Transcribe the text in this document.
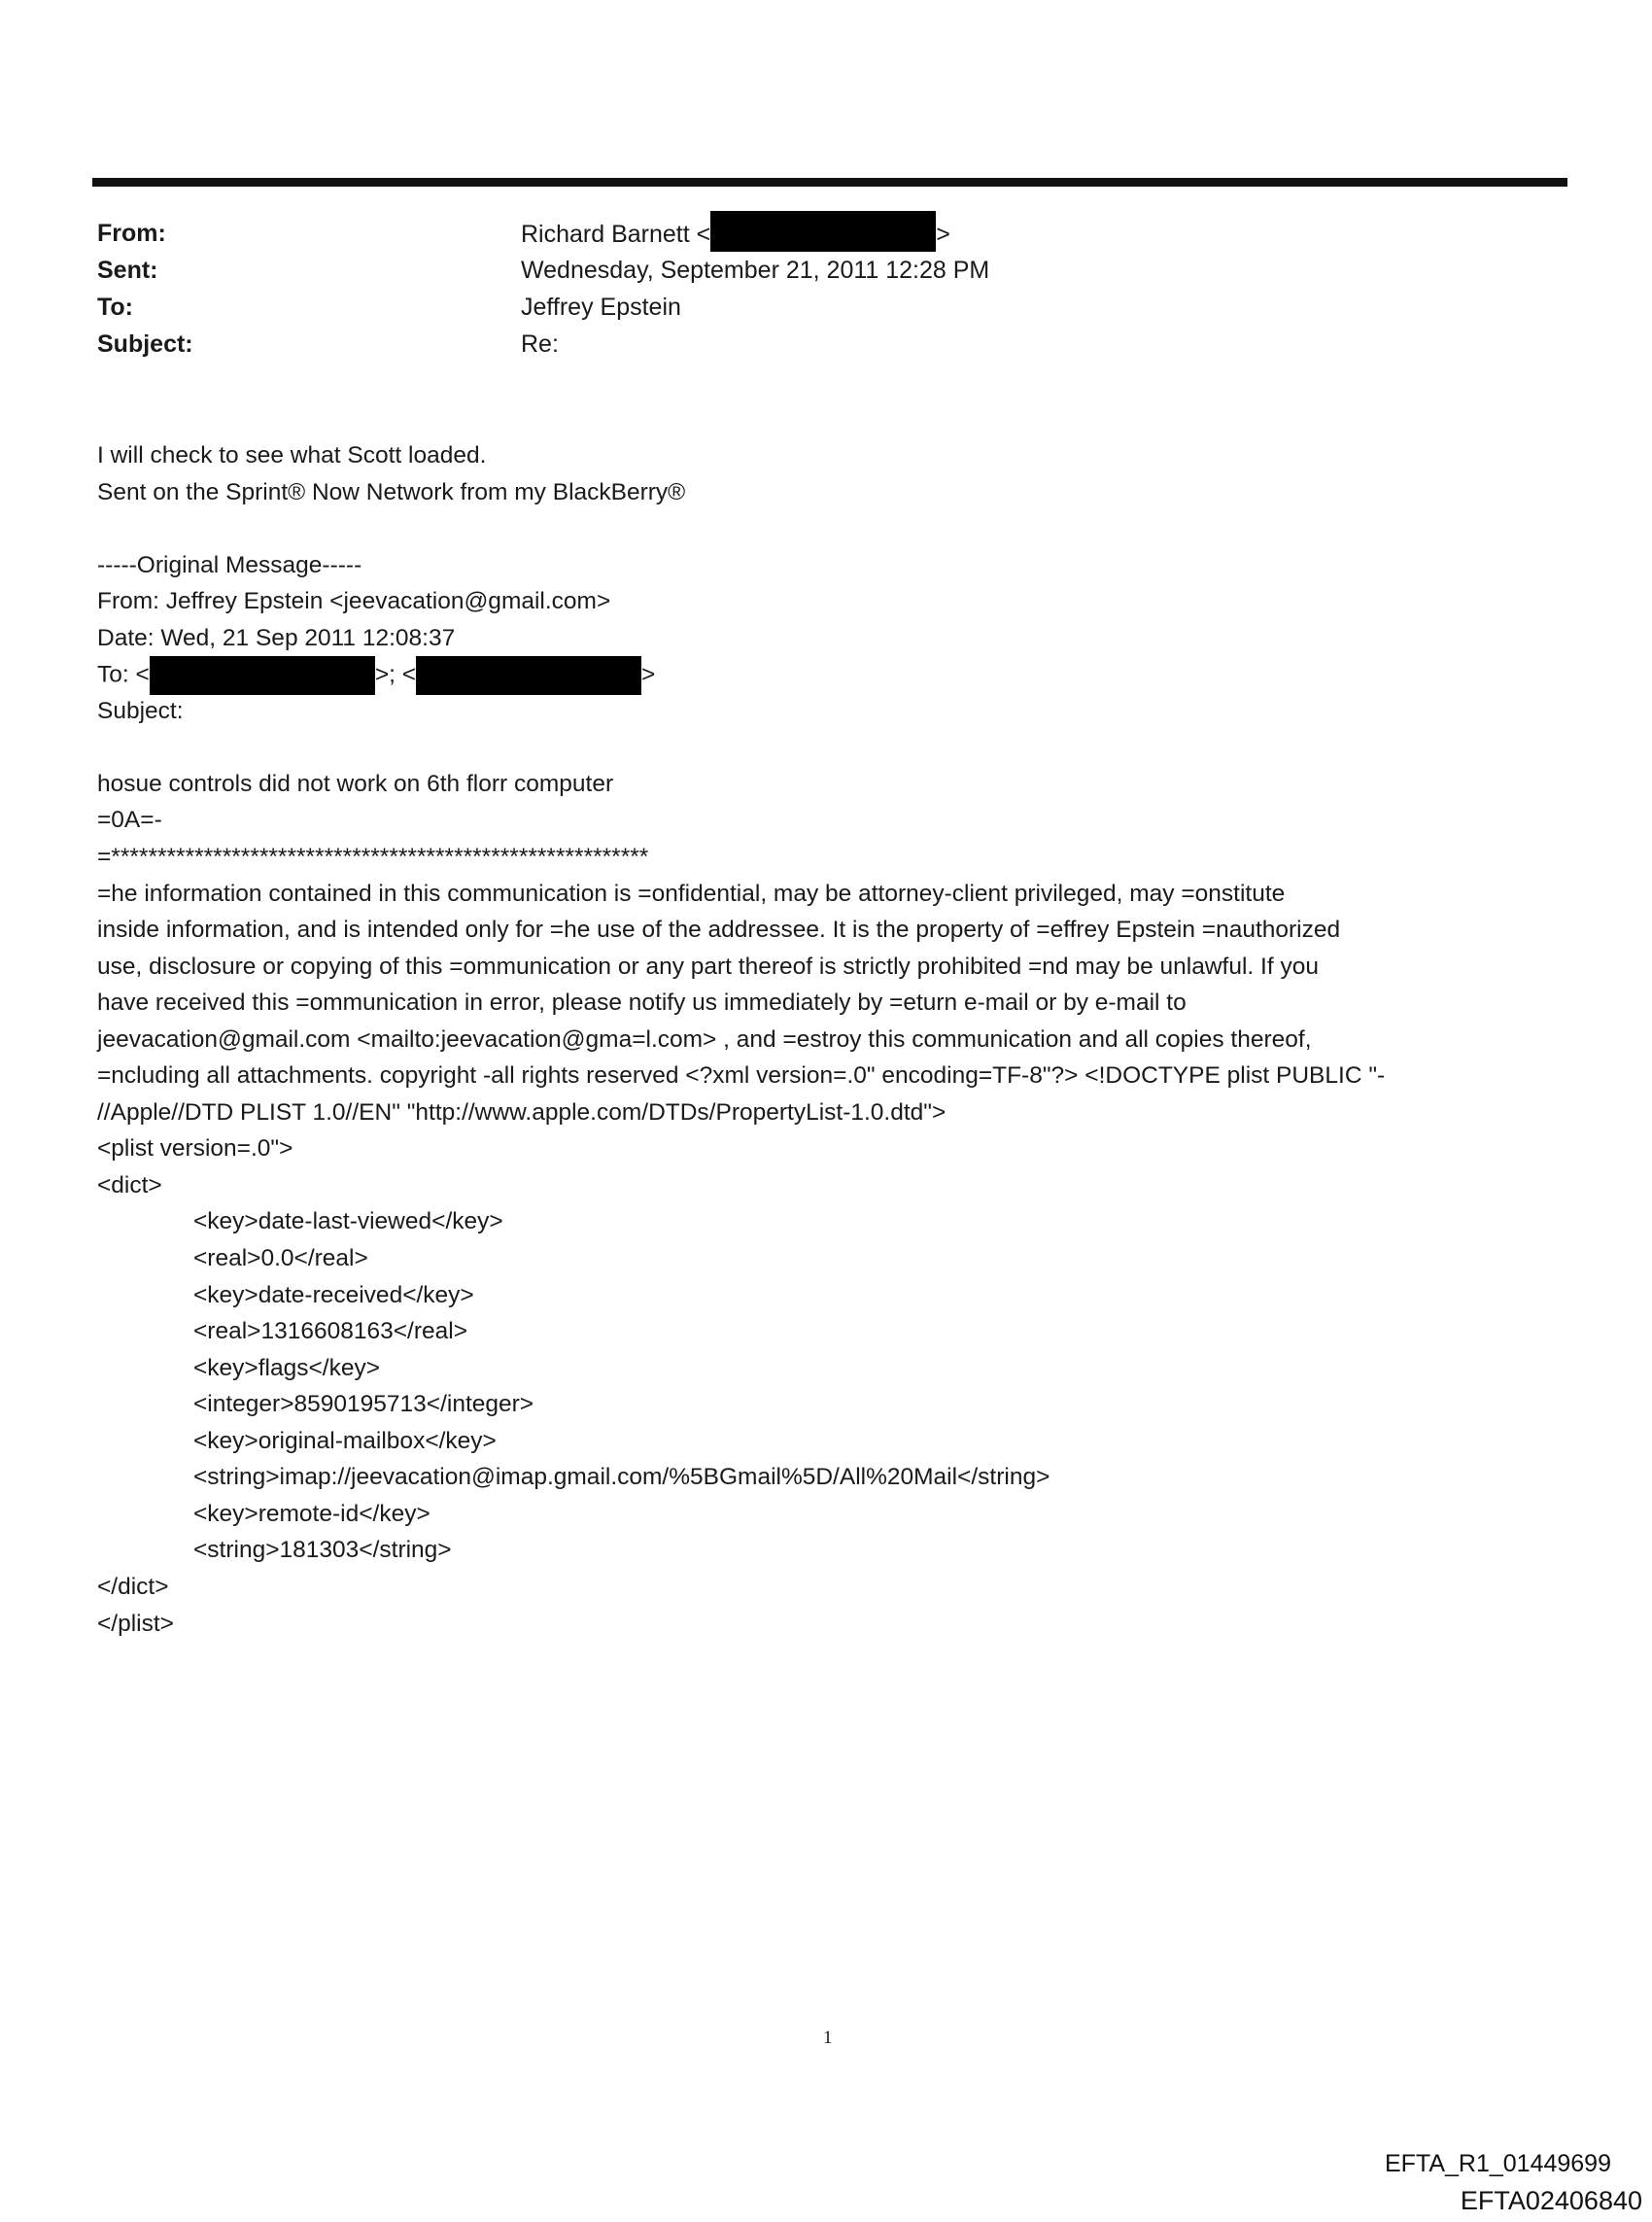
From:	Richard Barnett <	>
Sent:	Wednesday, September 21, 2011 12:28 PM
To:	Jeffrey Epstein
Subject:	Re:
I will check to see what Scott loaded.
Sent on the Sprint® Now Network from my BlackBerry®
-----Original Message-----
From: Jeffrey Epstein <jeevacation@gmail.com>
Date: Wed, 21 Sep 2011 12:08:37
To: <	>; <	>
Subject:
hosue controls did not work on 6th florr computer
=0A=-
=**********************************************************
=he information contained in this communication is =onfidential, may be attorney-client privileged, may =onstitute
inside information, and is intended only for =he use of the addressee. It is the property of =effrey Epstein =nauthorized
use, disclosure or copying of this =ommunication or any part thereof is strictly prohibited =nd may be unlawful. If you
have received this =ommunication in error, please notify us immediately by =eturn e-mail or by e-mail to
jeevacation@gmail.com <mailto:jeevacation@gma=l.com> , and =estroy this communication and all copies thereof,
=ncluding all attachments. copyright -all rights reserved <?xml version=.0" encoding=TF-8"?> <!DOCTYPE plist PUBLIC "-
//Apple//DTD PLIST 1.0//EN" "http://www.apple.com/DTDs/PropertyList-1.0.dtd">
<plist version=.0">
<dict>
<key>date-last-viewed</key>
<real>0.0</real>
<key>date-received</key>
<real>1316608163</real>
<key>flags</key>
<integer>8590195713</integer>
<key>original-mailbox</key>
<string>imap://jeevacation@imap.gmail.com/%5BGmail%5D/All%20Mail</string>
<key>remote-id</key>
<string>181303</string>
</dict>
</plist>
1
EFTA_R1_01449699
EFTA02406840
